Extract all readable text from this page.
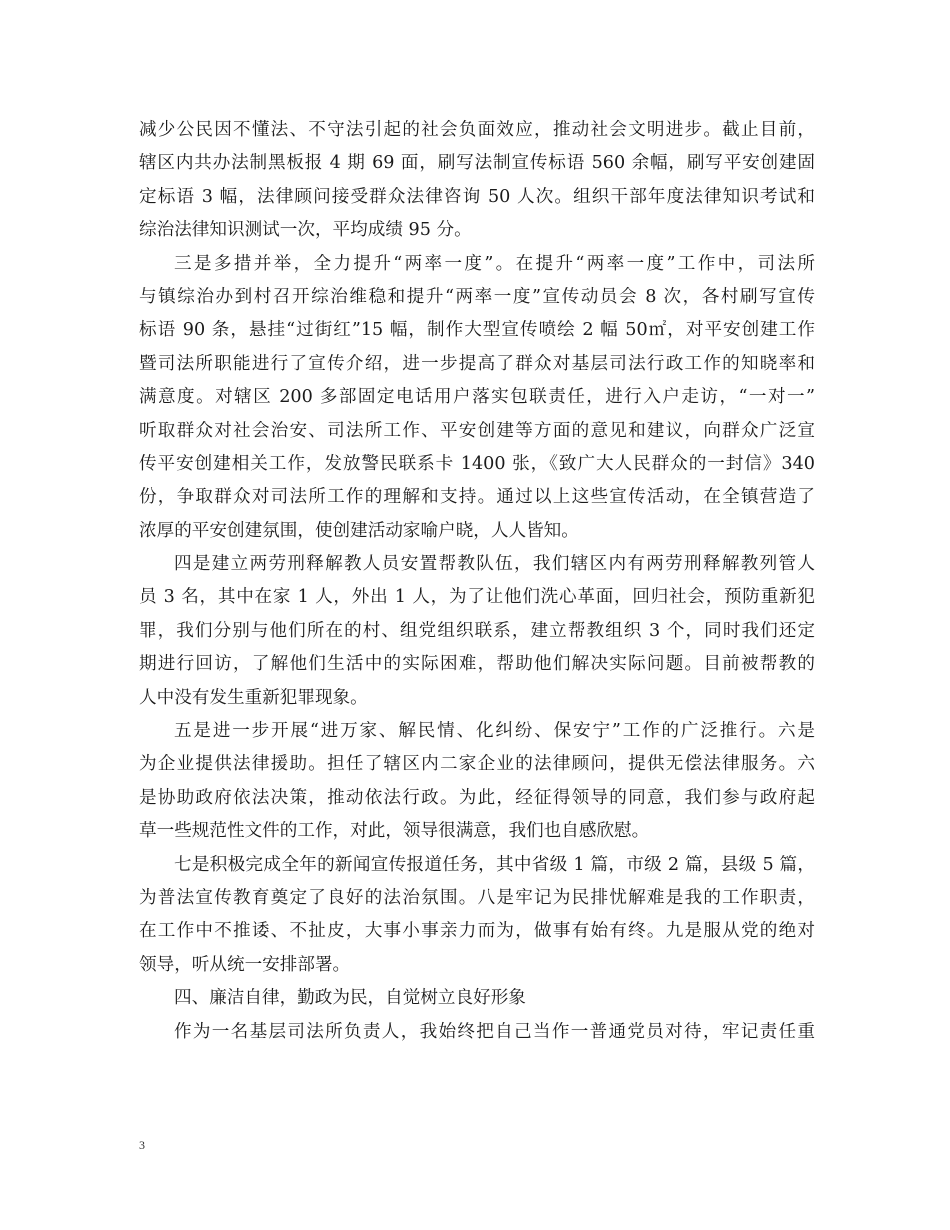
减少公民因不懂法、不守法引起的社会负面效应，推动社会文明进步。截止目前，
辖区内共办法制黑板报 4 期 69 面，刷写法制宣传标语 560 余幅，刷写平安创建固
定标语 3 幅，法律顾问接受群众法律咨询 50 人次。组织干部年度法律知识考试和
综治法律知识测试一次，平均成绩 95 分。
三是多措并举，全力提升“两率一度”。在提升“两率一度”工作中，司法所
与镇综治办到村召开综治维稳和提升“两率一度”宣传动员会 8 次，各村刷写宣传
标语 90 条，悬挂“过街红”15 幅，制作大型宣传喷绘 2 幅 50㎡，对平安创建工作
暨司法所职能进行了宣传介绍，进一步提高了群众对基层司法行政工作的知晓率和
满意度。对辖区 200 多部固定电话用户落实包联责任，进行入户走访，“一对一”
听取群众对社会治安、司法所工作、平安创建等方面的意见和建议，向群众广泛宣
传平安创建相关工作，发放警民联系卡 1400 张，《致广大人民群众的一封信》340
份，争取群众对司法所工作的理解和支持。通过以上这些宣传活动，在全镇营造了
浓厚的平安创建氛围，使创建活动家喻户晓，人人皆知。
四是建立两劳刑释解教人员安置帮教队伍，我们辖区内有两劳刑释解教列管人
员 3 名，其中在家 1 人，外出 1 人，为了让他们洗心革面，回归社会，预防重新犯
罪，我们分别与他们所在的村、组党组织联系，建立帮教组织 3 个，同时我们还定
期进行回访，了解他们生活中的实际困难，帮助他们解决实际问题。目前被帮教的
人中没有发生重新犯罪现象。
五是进一步开展“进万家、解民情、化纠纷、保安宁”工作的广泛推行。六是
为企业提供法律援助。担任了辖区内二家企业的法律顾问，提供无偿法律服务。六
是协助政府依法决策，推动依法行政。为此，经征得领导的同意，我们参与政府起
草一些规范性文件的工作，对此，领导很满意，我们也自感欣慰。
七是积极完成全年的新闻宣传报道任务，其中省级 1 篇，市级 2 篇，县级 5 篇，
为普法宣传教育奠定了良好的法治氛围。八是牢记为民排忧解难是我的工作职责，
在工作中不推诿、不扯皮，大事小事亲力而为，做事有始有终。九是服从党的绝对
领导，听从统一安排部署。
四、廉洁自律，勤政为民，自觉树立良好形象
作为一名基层司法所负责人，我始终把自己当作一普通党员对待，牢记责任重
3
